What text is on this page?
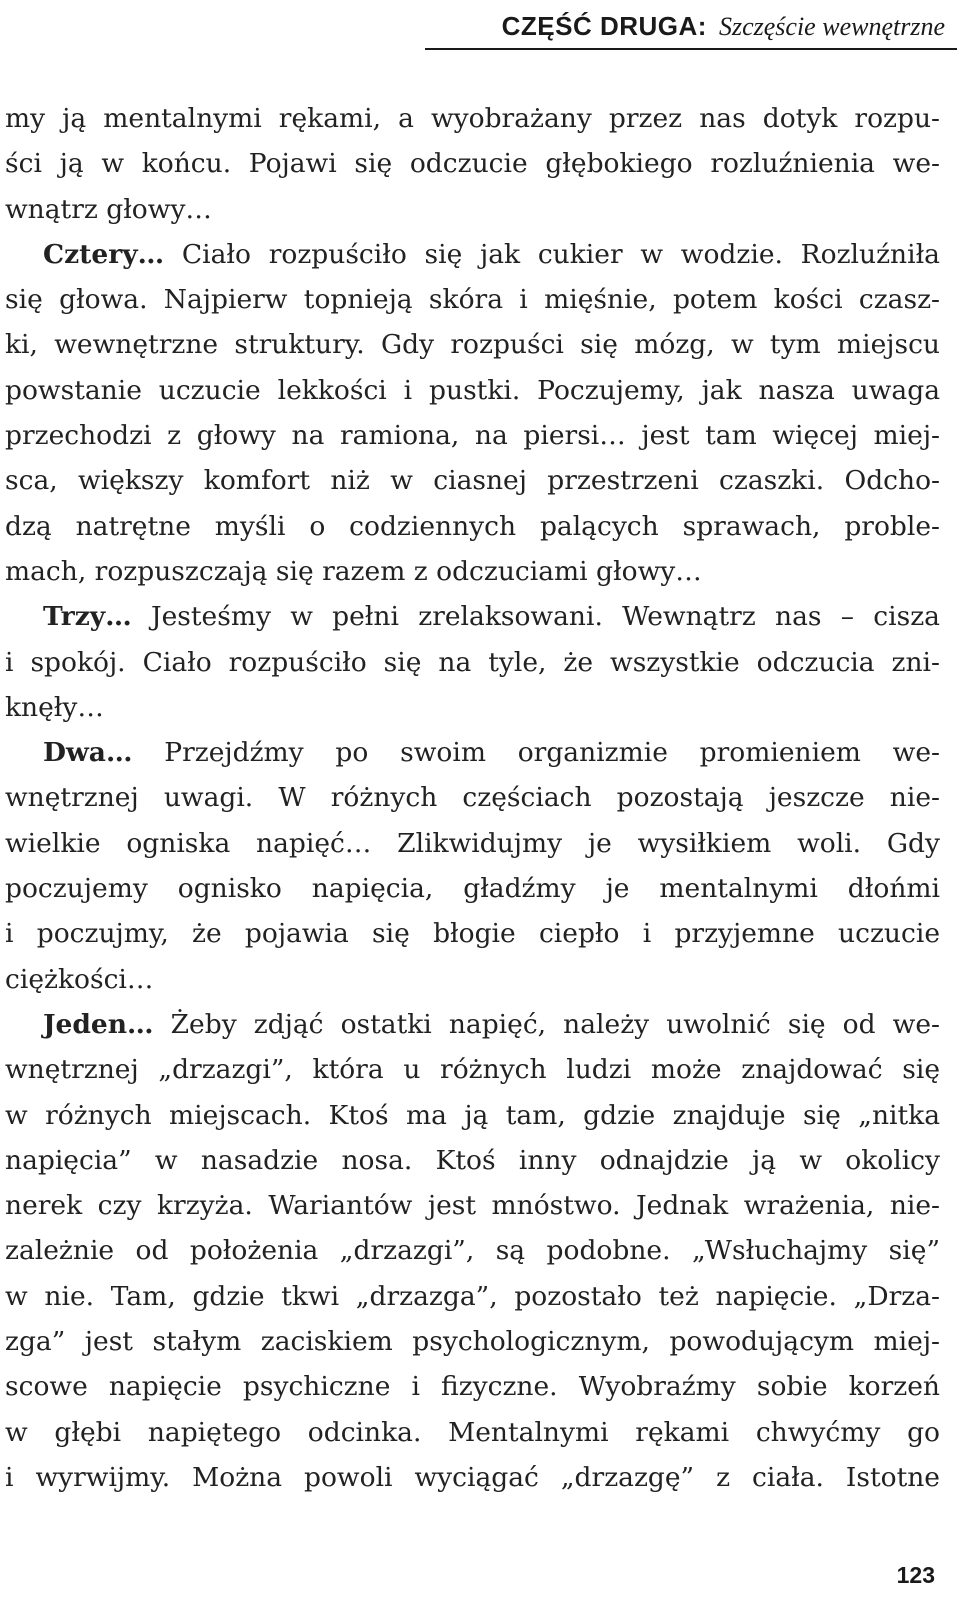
CZĘŚĆ DRUGA: Szczęście wewnętrzne
my ją mentalnymi rękami, a wyobrażany przez nas dotyk rozpu-
ści ją w końcu. Pojawi się odczucie głębokiego rozluźnienia we-
wnątrz głowy…
Cztery… Ciało rozpuściło się jak cukier w wodzie. Rozluźniła
się głowa. Najpierw topnieją skóra i mięśnie, potem kości czasz-
ki, wewnętrzne struktury. Gdy rozpuści się mózg, w tym miejscu
powstanie uczucie lekkości i pustki. Poczujemy, jak nasza uwaga
przechodzi z głowy na ramiona, na piersi… jest tam więcej miej-
sca, większy komfort niż w ciasnej przestrzeni czaszki. Odcho-
dzą natrętne myśli o codziennych palących sprawach, proble-
mach, rozpuszczają się razem z odczuciami głowy…
Trzy… Jesteśmy w pełni zrelaksowani. Wewnątrz nas – cisza
i spokój. Ciało rozpuściło się na tyle, że wszystkie odczucia zni-
knęły…
Dwa… Przejdźmy po swoim organizmie promieniem we-
wnętrznej uwagi. W różnych częściach pozostają jeszcze nie-
wielkie ogniska napięć… Zlikwidujmy je wysiłkiem woli. Gdy
poczujemy ognisko napięcia, gładźmy je mentalnymi dłońmi
i poczujmy, że pojawia się błogie ciepło i przyjemne uczucie
ciężkości…
Jeden… Żeby zdjąć ostatki napięć, należy uwolnić się od we-
wnętrznej „drzazgi”, która u różnych ludzi może znajdować się
w różnych miejscach. Ktoś ma ją tam, gdzie znajduje się „nitka
napięcia” w nasadzie nosa. Ktoś inny odnajdzie ją w okolicy
nerek czy krzyża. Wariantów jest mnóstwo. Jednak wrażenia, nie-
zależnie od położenia „drzazgi”, są podobne. „Wsłuchajmy się”
w nie. Tam, gdzie tkwi „drzazga”, pozostało też napięcie. „Drza-
zga” jest stałym zaciskiem psychologicznym, powodującym miej-
scowe napięcie psychiczne i fizyczne. Wyobraźmy sobie korzeń
w głębi napiętego odcinka. Mentalnymi rękami chwyćmy go
i wyrwijmy. Można powoli wyciągać „drzazgę” z ciała. Istotne
123
